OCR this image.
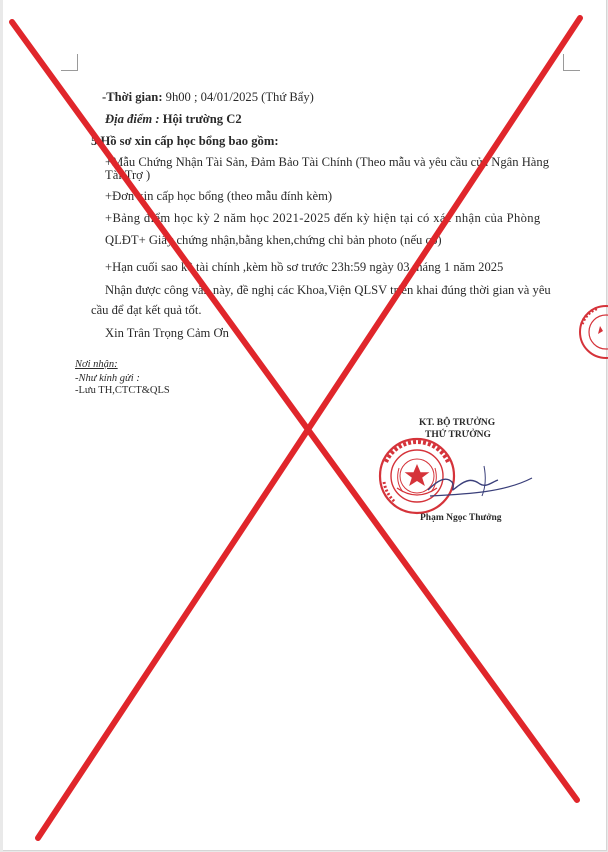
-Thời gian: 9h00 ; 04/01/2025 (Thứ Bẩy)
Địa điểm : Hội trường C2
5.Hồ sơ xin cấp học bổng bao gồm:
+Mẫu Chứng Nhận Tài Sản, Đảm Bảo Tài Chính (Theo mẫu và yêu cầu của Ngân Hàng
Tài Trợ )
+Đơn xin cấp học bổng (theo mẫu đính kèm)
+Bảng điểm học kỳ 2 năm học 2021-2025 đến kỳ hiện tại có xác nhận của Phòng
QLĐT+ Giấy chứng nhận,bằng khen,chứng chỉ bản photo (nếu có)
+Hạn cuối sao kê tài chính ,kèm hồ sơ trước 23h:59 ngày 03 tháng 1 năm 2025
Nhận được công văn này, đề nghị các Khoa,Viện QLSV triển khai đúng thời gian và yêu
cầu để đạt kết quả tốt.
Xin Trân Trọng Cảm Ơn
Nơi nhận:
-Như kính gửi :
-Lưu TH,CTCT&QLS
KT. BỘ TRƯỞNG
THỨ TRƯỞNG
Phạm Ngọc Thưởng
